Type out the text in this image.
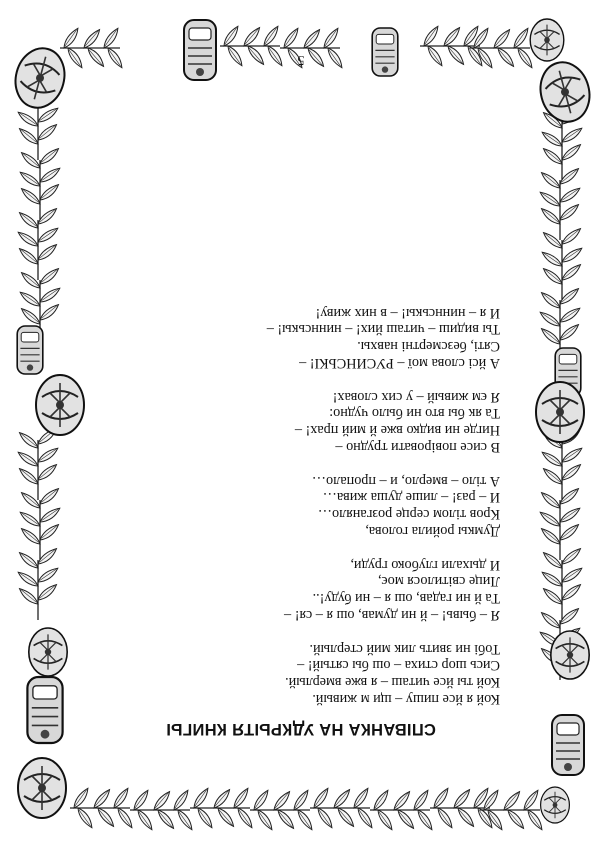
5
СПІВАНКА НА УДКРЫТЯ КНИГЫ
Кой я йсе пишу – щи м живый.
Кой ты йсе читаш – я вже вмерлый.
Сись шор стиха – ош бы сятый! –
Тобі ни звить лик мий стерлый.
Я – бывь! – й ни думав, ош я – ся! –
Та й ни гадав, ош я – ни буду!..
Лице світилося моє,
И дыхали глубоко груди,
Думкы ройила голова,
Кров тілом серце розганяло…
И – раз! – лише душа жива…
А тіло – вмерло, и – пропало…
В сисе повіровати трудно –
Нигде ни видко вже й мий прах! –
Та як бы вто ни было чудно:
Я єм живый – у сих словах!
А йсі слова мої – РУСИНСЬКІ! –
Сяті, безсмертні навхы.
Ты видиш – читаш йих! – ниннськы! –
И я – ниннськы! – в них живу!
